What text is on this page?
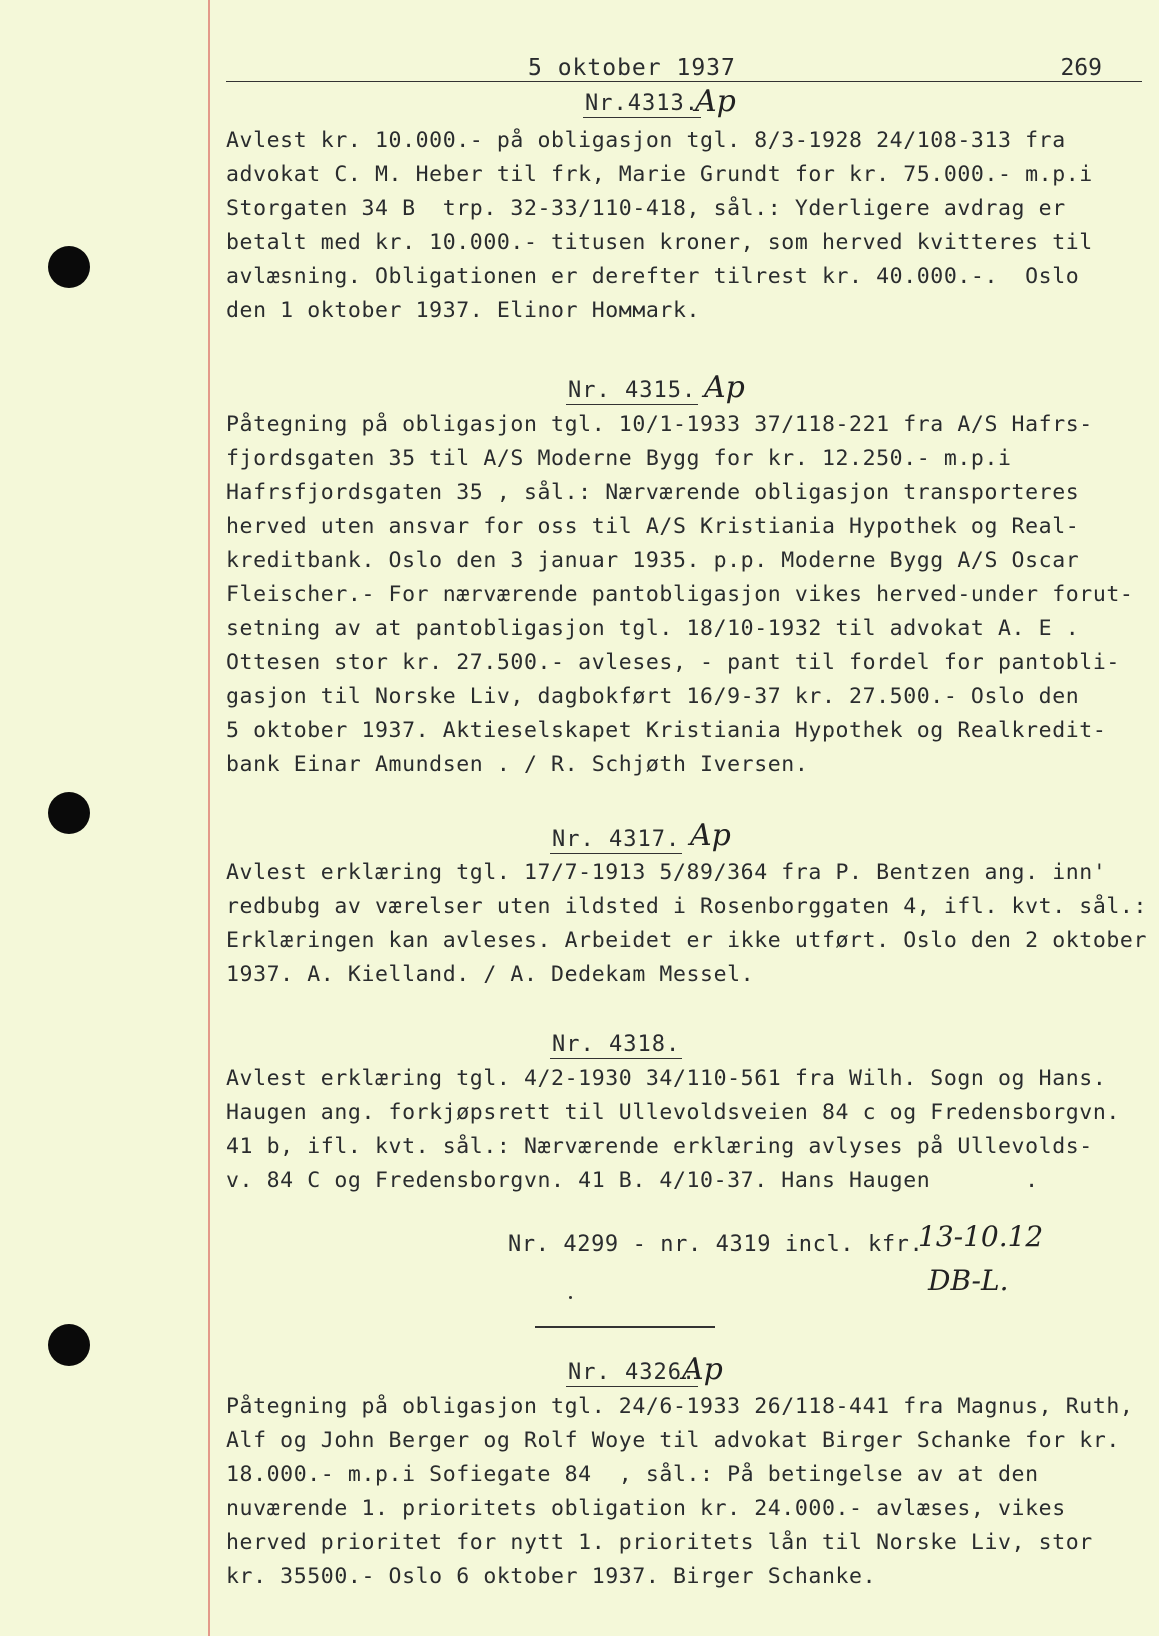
5 oktober 1937	269
Nr.4313.
Ap
Avlest kr. 10.000.- på obligasjon tgl. 8/3-1928 24/108-313 fra
advokat C. M. Heber til frk, Marie Grundt for kr. 75.000.- m.p.i
Storgaten 34 B  trp. 32-33/110-418, sål.: Yderligere avdrag er
betalt med kr. 10.000.- titusen kroner, som herved kvitteres til
avlæsning. Obligationen er derefter tilrest kr. 40.000.-.  Oslo
den 1 oktober 1937. Elinor Hoммark.
Nr. 4315. Ap
Påtegning på obligasjon tgl. 10/1-1933 37/118-221 fra A/S Hafrs-
fjordsgaten 35 til A/S Moderne Bygg for kr. 12.250.- m.p.i
Hafrsfjordsgaten 35 , sål.: Nærværende obligasjon transporteres
herved uten ansvar for oss til A/S Kristiania Hypothek og Real-
kreditbank. Oslo den 3 januar 1935. p.p. Moderne Bygg A/S Oscar
Fleischer.- For nærværende pantobligasjon vikes herved-under forut-
setning av at pantobligasjon tgl. 18/10-1932 til advokat A. E .
Ottesen stor kr. 27.500.- avleses, - pant til fordel for pantobli-
gasjon til Norske Liv, dagbokført 16/9-37 kr. 27.500.- Oslo den
5 oktober 1937. Aktieselskapet Kristiania Hypothek og Realkredit-
bank Einar Amundsen . / R. Schjøth Iversen.
Nr. 4317. Ap
Avlest erklæring tgl. 17/7-1913 5/89/364 fra P. Bentzen ang. inn'
redbubg av værelser uten ildsted i Rosenborggaten 4, ifl. kvt. sål.:
Erklæringen kan avleses. Arbeidet er ikke utført. Oslo den 2 oktober
1937. A. Kielland. / A. Dedekam Messel.
Nr. 4318.
Avlest erklæring tgl. 4/2-1930 34/110-561 fra Wilh. Sogn og Hans.
Haugen ang. forkjøpsrett til Ullevoldsveien 84 c og Fredensborgvn.
41 b, ifl. kvt. sål.: Nærværende erklæring avlyses på Ullevolds-
v. 84 C og Fredensborgvn. 41 B. 4/10-37. Hans Haugen       .
Nr. 4299 - nr. 4319 incl. kfr.
13-10.12
DB-L.
Nr. 4326.
Ap
Påtegning på obligasjon tgl. 24/6-1933 26/118-441 fra Magnus, Ruth,
Alf og John Berger og Rolf Woye til advokat Birger Schanke for kr.
18.000.- m.p.i Sofiegate 84  , sål.: På betingelse av at den
nuværende 1. prioritets obligation kr. 24.000.- avlæses, vikes
herved prioritet for nytt 1. prioritets lån til Norske Liv, stor
kr. 35500.- Oslo 6 oktober 1937. Birger Schanke.
